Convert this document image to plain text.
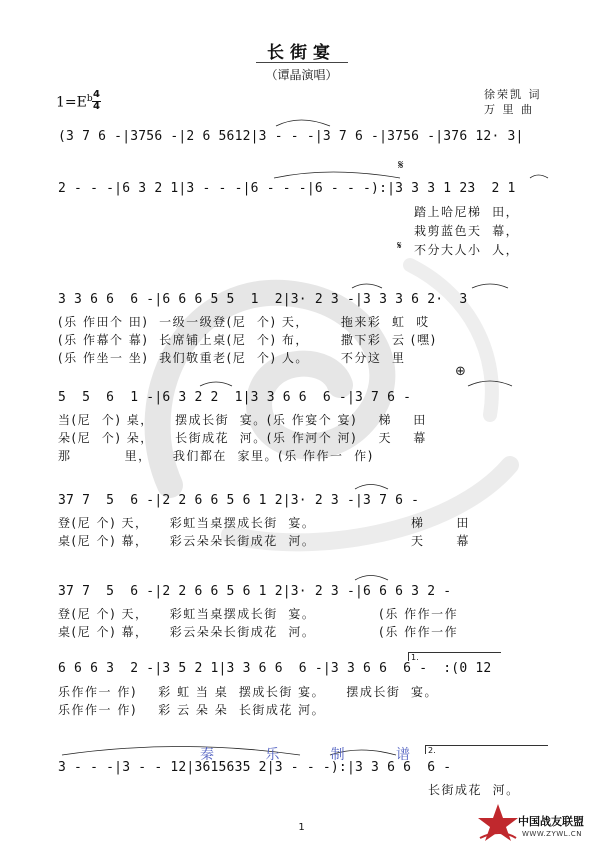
长街宴
（谭晶演唱）
$1=E^b$ 4
4
徐荣凯 词
万 里 曲
(3 7 6 -|3756 -|2 6 5612|3 - - -|3 7 6 -|3756 -|376 12· 3|
2 - - -|6 3 2 1|3 - - -|6 - - -|6 - - -):|3 3 3 1 23  2 1
踏上哈尼梯  田，
栽剪蓝色天  幕，
不分大人小  人，
3 3 6 6  6 -|6 6 6 5 5  1  2|3· 2 3 -|3 3 3 6 2·  3
(乐 作田个 田)  一级一级登(尼  个) 天，      拖来彩  虹  哎
(乐 作幕个 幕)  长席铺上桌(尼  个) 布，      撒下彩  云 (嘿)
(乐 作坐一 坐)  我们敬重老(尼  个) 人。      不分这  里
5  5  6  1 -|6 3 2 2  1|3 3 6 6  6 -|3 7 6 -
当(尼  个) 桌，    摆成长街  宴。(乐 作宴个 宴)    梯    田
朵(尼  个) 朵，    长街成花  河。(乐 作河个 河)    天    幕
那          里，    我们都在  家里。(乐 作作一  作)
37 7  5  6 -|2 2 6 6 5 6 1 2|3· 2 3 -|3 7 6 -
登(尼 个) 天，    彩虹当桌摆成长街  宴。                  梯      田
桌(尼 个) 幕，    彩云朵朵长街成花  河。                  天      幕
37 7  5  6 -|2 2 6 6 5 6 1 2|3· 2 3 -|6 6 6 3 2 -
登(尼 个) 天，    彩虹当桌摆成长街  宴。            (乐 作作一作
桌(尼 个) 幕，    彩云朵朵长街成花  河。            (乐 作作一作
6 6 6 3  2 -|3 5 2 1|3 3 6 6  6 -|3 3 6 6  6 -  :(0 12
乐作作一 作)    彩 虹 当 桌  摆成长街 宴。    摆成长街  宴。
乐作作一 作)    彩 云 朵 朵  长街成花 河。
3 - - -|3 - - 12|3615635 2|3 - - -):|3 3 6 6  6 -
长街成花  河。
𝄋
𝄋
⊕
1.
2.
秦	乐	制	谱
1	中国战友联盟
WWW.ZYWL.CN
